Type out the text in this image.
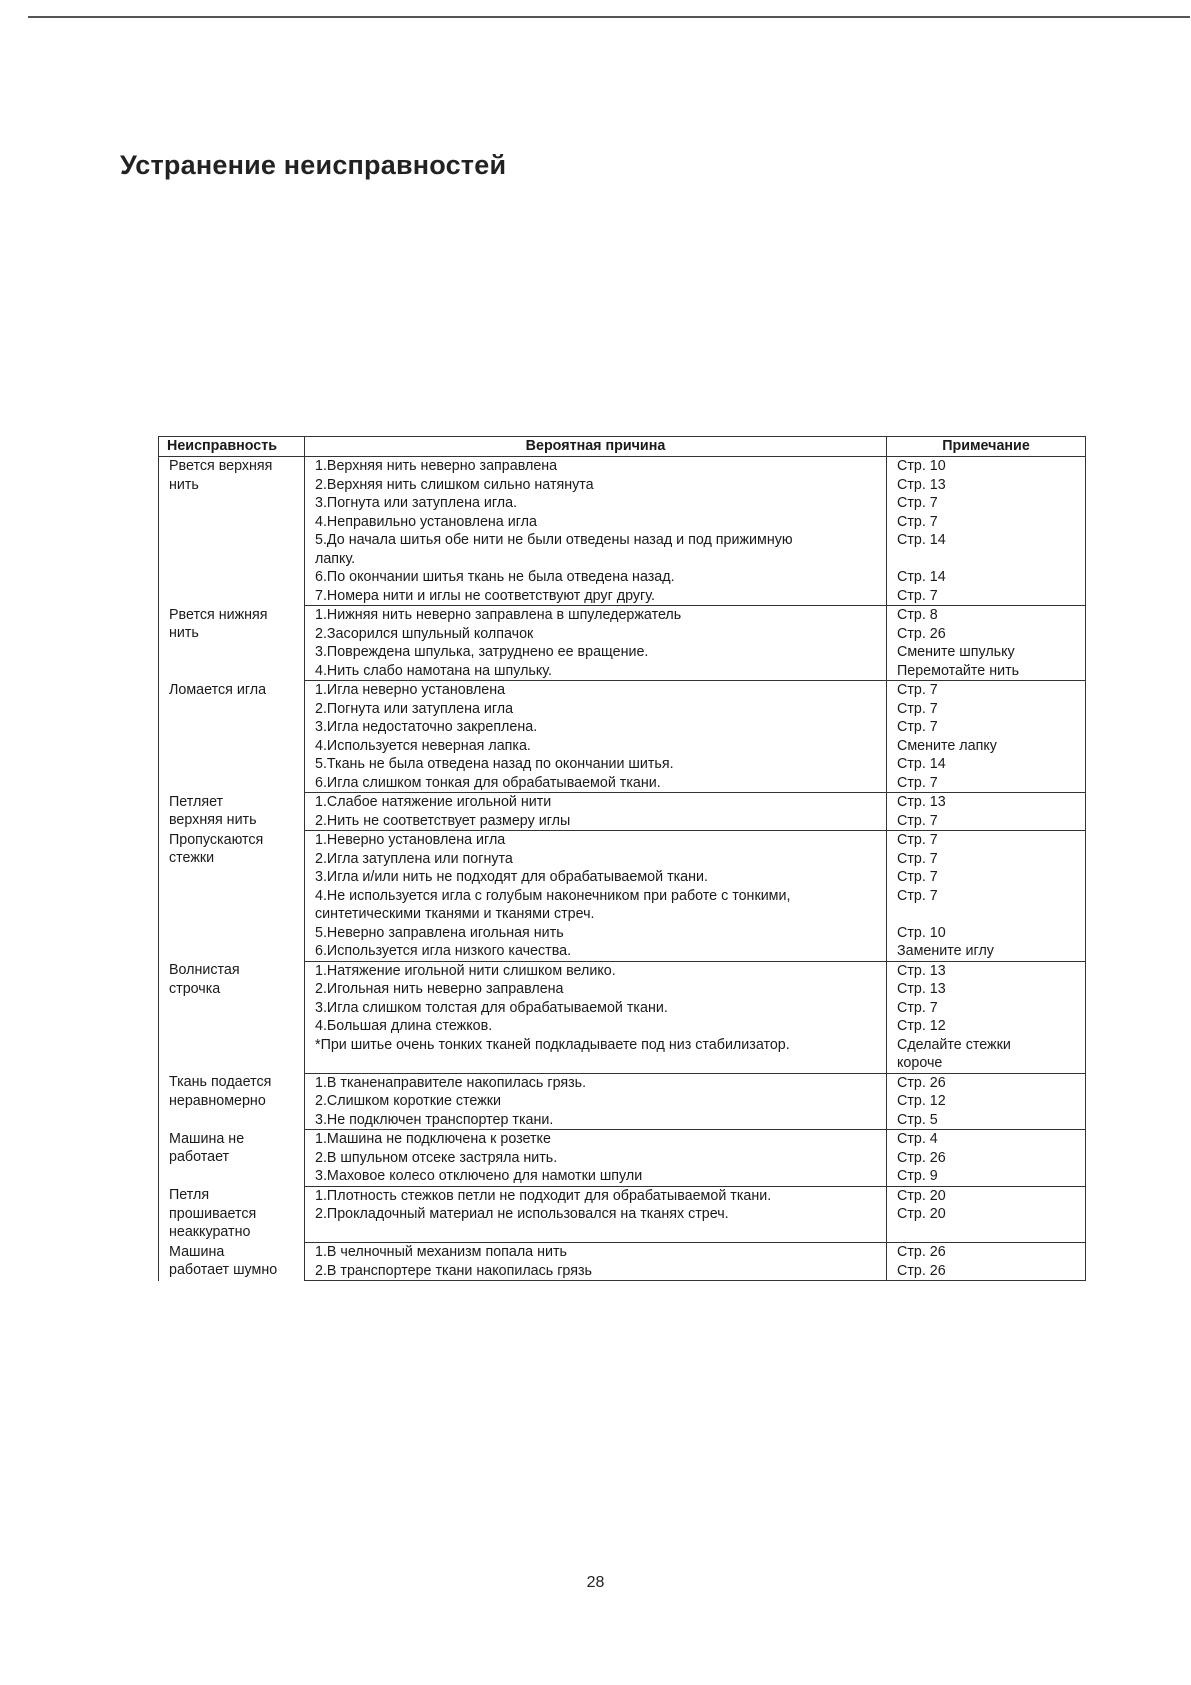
Устранение неисправностей
Неисправность	Вероятная причина	Примечание

Рвется верхняя
нить	1.Верхняя нить неверно заправлена	Стр. 10

	2.Верхняя нить слишком сильно натянута	Стр. 13

	3.Погнута или затуплена игла.	Стр. 7

	4.Неправильно установлена игла	Стр. 7

	5.До начала шитья обе нити не были отведены назад и под прижимную
лапку.	Стр. 14

	6.По окончании шитья ткань не была отведена назад.	Стр. 14

	7.Номера нити и иглы не соответствуют друг другу.	Стр. 7

Рвется нижняя
нить	1.Нижняя нить неверно заправлена в шпуледержатель	Стр. 8

	2.Засорился шпульный колпачок	Стр. 26

	3.Повреждена шпулька, затруднено ее вращение.	Смените шпульку

	4.Нить слабо намотана на шпульку.	Перемотайте нить

Ломается игла	1.Игла неверно установлена	Стр. 7

	2.Погнута или затуплена игла	Стр. 7

	3.Игла недостаточно закреплена.	Стр. 7

	4.Используется неверная лапка.	Смените лапку

	5.Ткань не была отведена назад по окончании шитья.	Стр. 14

	6.Игла слишком тонкая для обрабатываемой ткани.	Стр. 7

Петляет
верхняя нить	1.Слабое натяжение игольной нити	Стр. 13

	2.Нить не соответствует размеру иглы	Стр. 7

Пропускаются
стежки	1.Неверно установлена игла	Стр. 7

	2.Игла затуплена или погнута	Стр. 7

	3.Игла и/или нить не подходят для обрабатываемой ткани.	Стр. 7

	4.Не используется игла с голубым наконечником при работе с тонкими,
синтетическими тканями и тканями стреч.	Стр. 7

	5.Неверно заправлена игольная нить	Стр. 10

	6.Используется игла низкого качества.	Замените иглу

Волнистая
строчка	1.Натяжение игольной нити слишком велико.	Стр. 13

	2.Игольная нить неверно заправлена	Стр. 13

	3.Игла слишком толстая для обрабатываемой ткани.	Стр. 7

	4.Большая длина стежков.	Стр. 12

	*При шитье очень тонких тканей подкладываете под низ стабилизатор.	Сделайте стежки
короче

Ткань подается
неравномерно	1.В тканенаправителе накопилась грязь.	Стр. 26

	2.Слишком короткие стежки	Стр. 12

	3.Не подключен транспортер ткани.	Стр. 5

Машина не
работает	1.Машина не подключена к розетке	Стр. 4

	2.В шпульном отсеке застряла нить.	Стр. 26

	3.Маховое колесо отключено для намотки шпули	Стр. 9

Петля
прошивается
неаккуратно	1.Плотность стежков петли не подходит для обрабатываемой ткани.	Стр. 20

	2.Прокладочный материал не использовался на тканях стреч.	Стр. 20

Машина
работает шумно	1.В челночный механизм попала нить	Стр. 26

	2.В транспортере ткани накопилась грязь	Стр. 26
28
